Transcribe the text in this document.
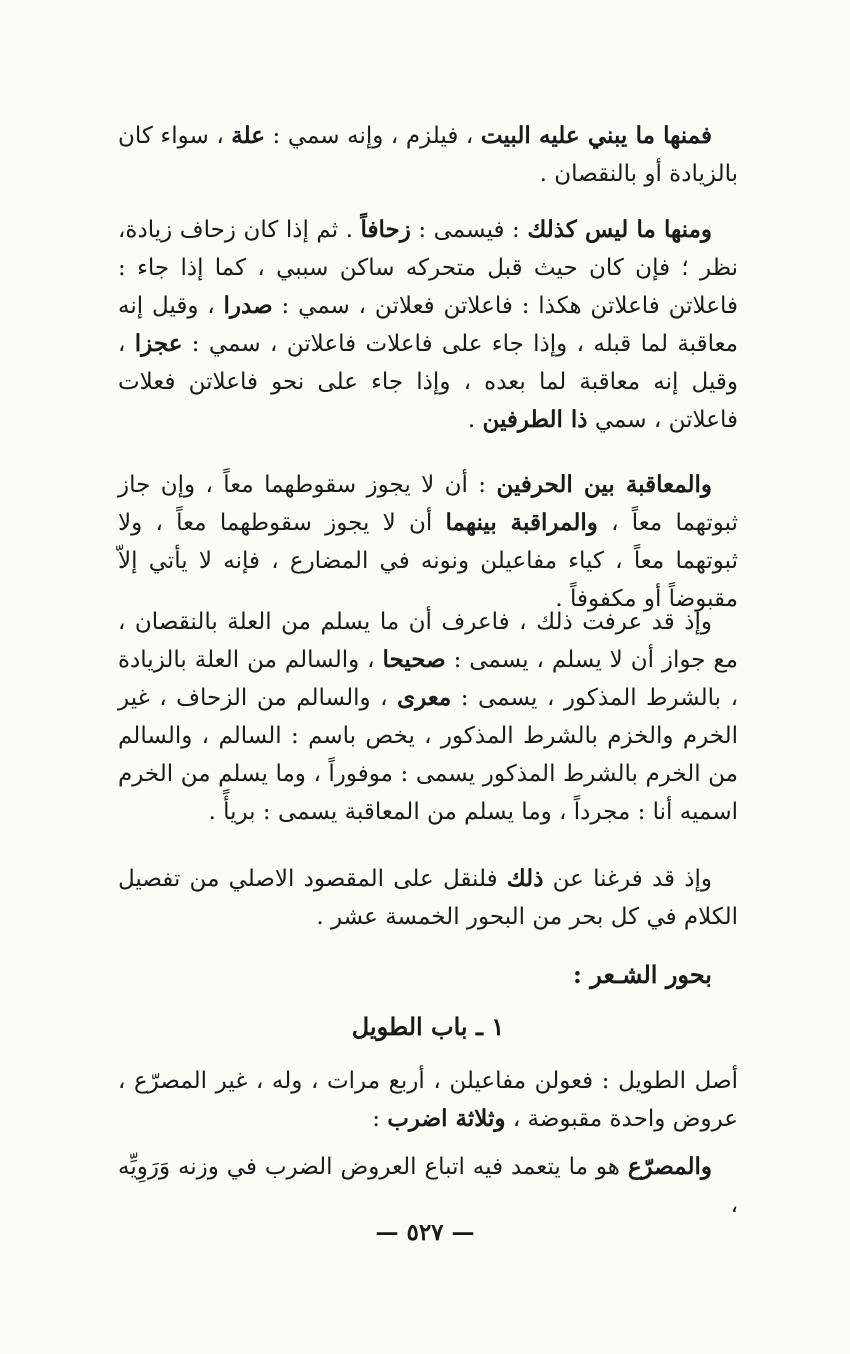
فمنها ما يبني عليه البيت ، فيلزم ، وإنه سمي : علة ، سواء كان بالزيادة أو بالنقصان .

ومنها ما ليس كذلك : فيسمى : زحافاً . ثم إذا كان زحاف زيادة، نظر ؛ فإن كان حيث قبل متحركه ساكن سببي ، كما إذا جاء : فاعلاتن فاعلاتن هكذا : فاعلاتن فعلاتن ، سمي : صدرا ، وقيل إنه معاقبة لما قبله ، وإذا جاء على فاعلات فاعلاتن ، سمي : عجزا ، وقيل إنه معاقبة لما بعده ، وإذا جاء على نحو فاعلاتن فعلات فاعلاتن ، سمي ذا الطرفين .

والمعاقبة بين الحرفين : أن لا يجوز سقوطهما معاً ، وإن جاز ثبوتهما معاً ، والمراقبة بينهما أن لا يجوز سقوطهما معاً ، ولا ثبوتهما معاً ، كياء مفاعيلن ونونه في المضارع ، فإنه لا يأتي إلاّ مقبوضاً أو مكفوفاً .

وإذ قد عرفت ذلك ، فاعرف أن ما يسلم من العلة بالنقصان ، مع جواز أن لا يسلم ، يسمى : صحيحا ، والسالم من العلة بالزيادة ، بالشرط المذكور ، يسمى : معرى ، والسالم من الزحاف ، غير الخرم والخزم بالشرط المذكور ، يخص باسم : السالم ، والسالم من الخرم بالشرط المذكور يسمى : موفوراً ، وما يسلم من الخرم اسميه أنا : مجرداً ، وما يسلم من المعاقبة يسمى : بريأً .

وإذ قد فرغنا عن ذلك فلنقل على المقصود الاصلي من تفصيل الكلام في كل بحر من البحور الخمسة عشر .

بحور الشـعر :
١ ـ باب الطويل

أصل الطويل : فعولن مفاعيلن ، أربع مرات ، وله ، غير المصرّع ، عروض واحدة مقبوضة ، وثلاثة اضرب :

والمصرّع هو ما يتعمد فيه اتباع العروض الضرب في وزنه وَرَوِيِّه ،

— ٥٢٧ —
